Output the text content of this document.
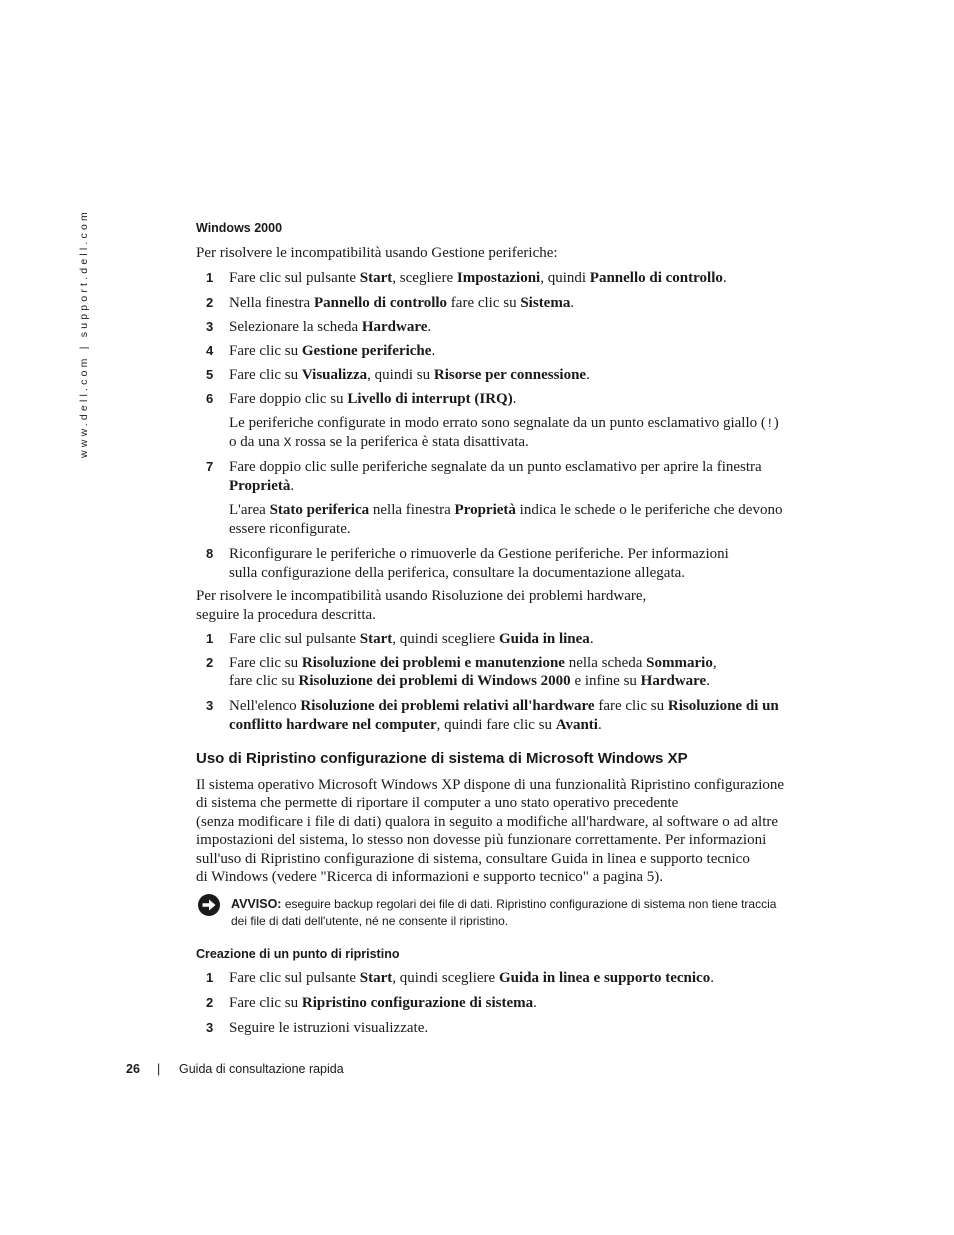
www.dell.com | support.dell.com	Windows 2000
Per risolvere le incompatibilità usando Gestione periferiche:
1 Fare clic sul pulsante Start, scegliere Impostazioni, quindi Pannello di controllo.
2 Nella finestra Pannello di controllo fare clic su Sistema.
3 Selezionare la scheda Hardware.
4 Fare clic su Gestione periferiche.
5 Fare clic su Visualizza, quindi su Risorse per connessione.
6 Fare doppio clic su Livello di interrupt (IRQ).
Le periferiche configurate in modo errato sono segnalate da un punto esclamativo giallo (!)
o da una X rossa se la periferica è stata disattivata.
7 Fare doppio clic sulle periferiche segnalate da un punto esclamativo per aprire la finestra
Proprietà.
L'area Stato periferica nella finestra Proprietà indica le schede o le periferiche che devono
essere riconfigurate.
8 Riconfigurare le periferiche o rimuoverle da Gestione periferiche. Per informazioni
sulla configurazione della periferica, consultare la documentazione allegata.
Per risolvere le incompatibilità usando Risoluzione dei problemi hardware,
seguire la procedura descritta.
1 Fare clic sul pulsante Start, quindi scegliere Guida in linea.
2 Fare clic su Risoluzione dei problemi e manutenzione nella scheda Sommario,
fare clic su Risoluzione dei problemi di Windows 2000 e infine su Hardware.
3 Nell'elenco Risoluzione dei problemi relativi all'hardware fare clic su Risoluzione di un
conflitto hardware nel computer, quindi fare clic su Avanti.
Uso di Ripristino configurazione di sistema di Microsoft Windows XP
Il sistema operativo Microsoft Windows XP dispone di una funzionalità Ripristino configurazione
di sistema che permette di riportare il computer a uno stato operativo precedente
(senza modificare i file di dati) qualora in seguito a modifiche all'hardware, al software o ad altre
impostazioni del sistema, lo stesso non dovesse più funzionare correttamente. Per informazioni
sull'uso di Ripristino configurazione di sistema, consultare Guida in linea e supporto tecnico
di Windows (vedere "Ricerca di informazioni e supporto tecnico" a pagina 5).
AVVISO: eseguire backup regolari dei file di dati. Ripristino configurazione di sistema non tiene traccia
dei file di dati dell'utente, né ne consente il ripristino.
Creazione di un punto di ripristino
1 Fare clic sul pulsante Start, quindi scegliere Guida in linea e supporto tecnico.
2 Fare clic su Ripristino configurazione di sistema.
3 Seguire le istruzioni visualizzate.
26 | Guida di consultazione rapida
